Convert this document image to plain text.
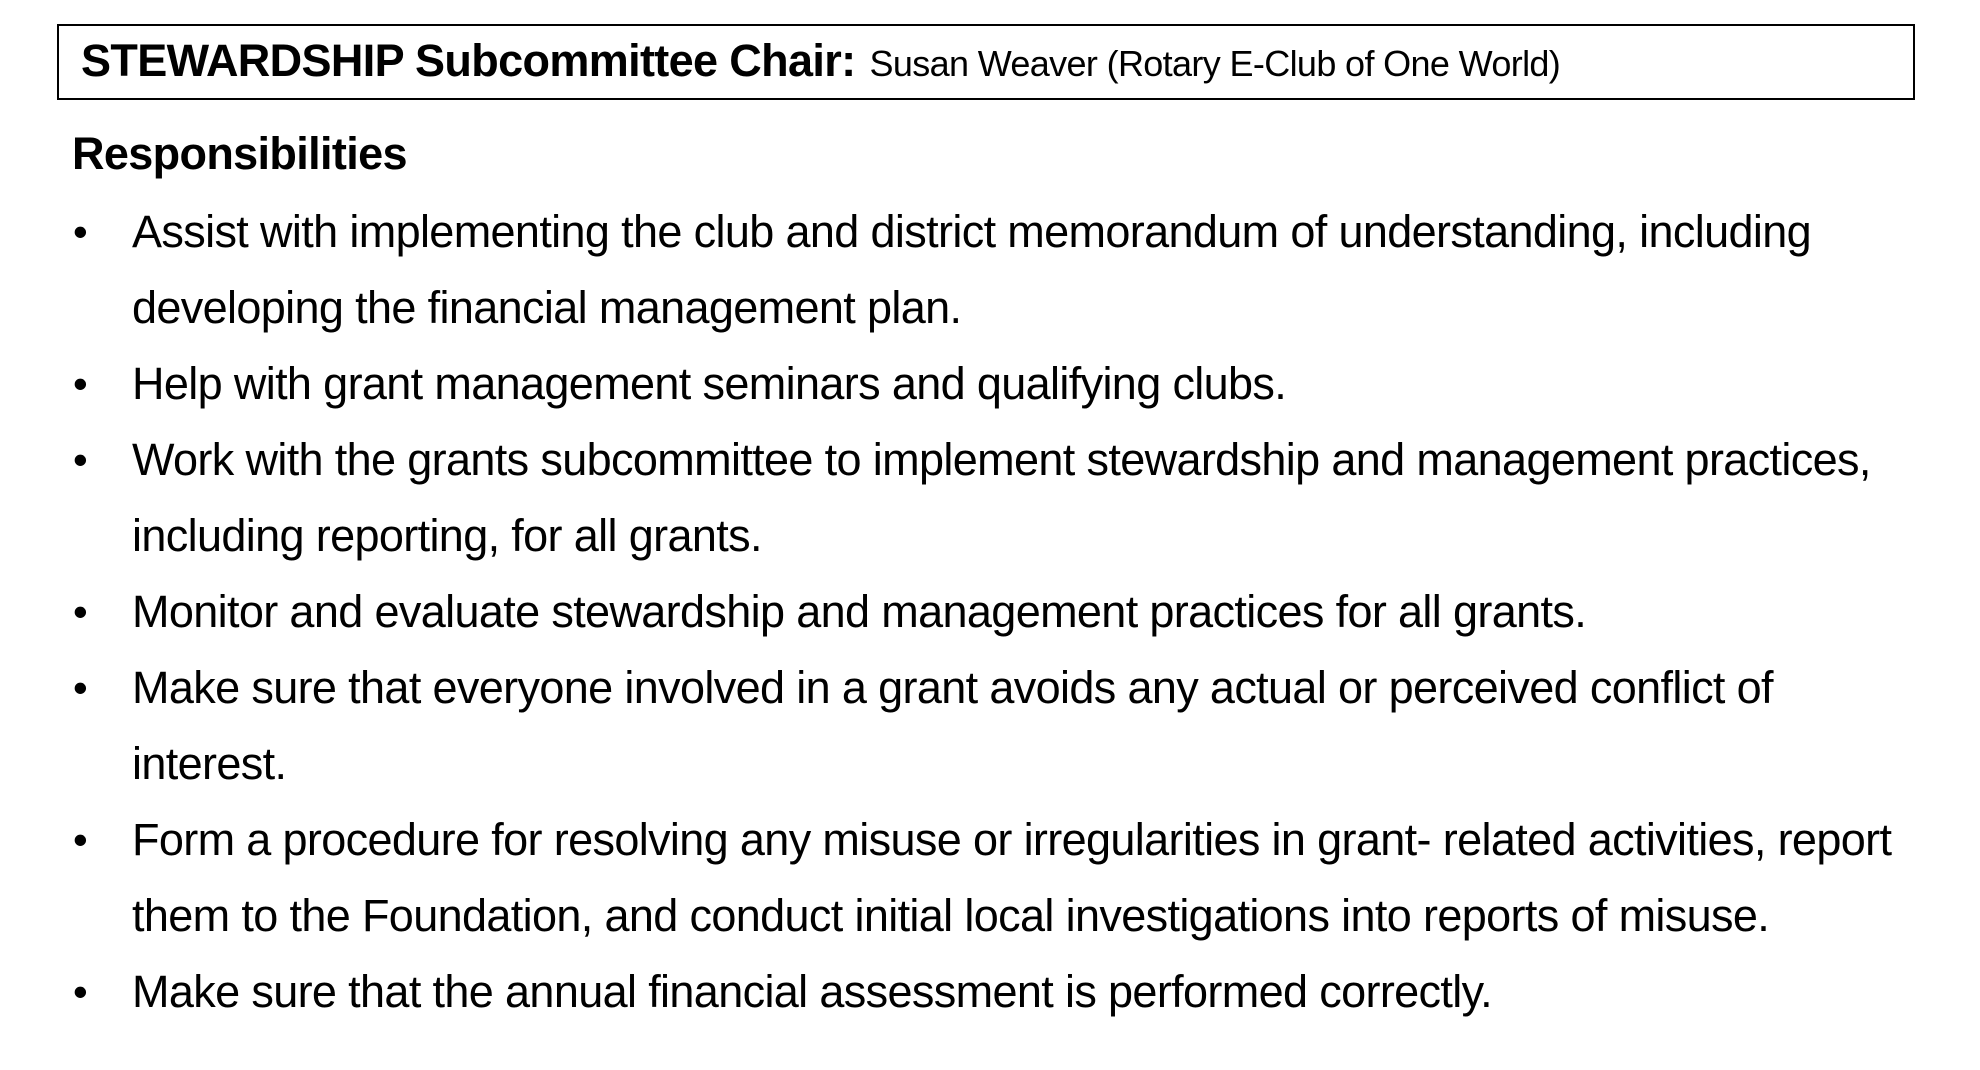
STEWARDSHIP Subcommittee Chair: Susan Weaver (Rotary E-Club of One World)
Responsibilities
• Assist with implementing the club and district memorandum of understanding, including
developing the financial management plan.
• Help with grant management seminars and qualifying clubs.
• Work with the grants subcommittee to implement stewardship and management practices,
including reporting, for all grants.
• Monitor and evaluate stewardship and management practices for all grants.
• Make sure that everyone involved in a grant avoids any actual or perceived conflict of
interest.
• Form a procedure for resolving any misuse or irregularities in grant- related activities, report
them to the Foundation, and conduct initial local investigations into reports of misuse.
• Make sure that the annual financial assessment is performed correctly.
